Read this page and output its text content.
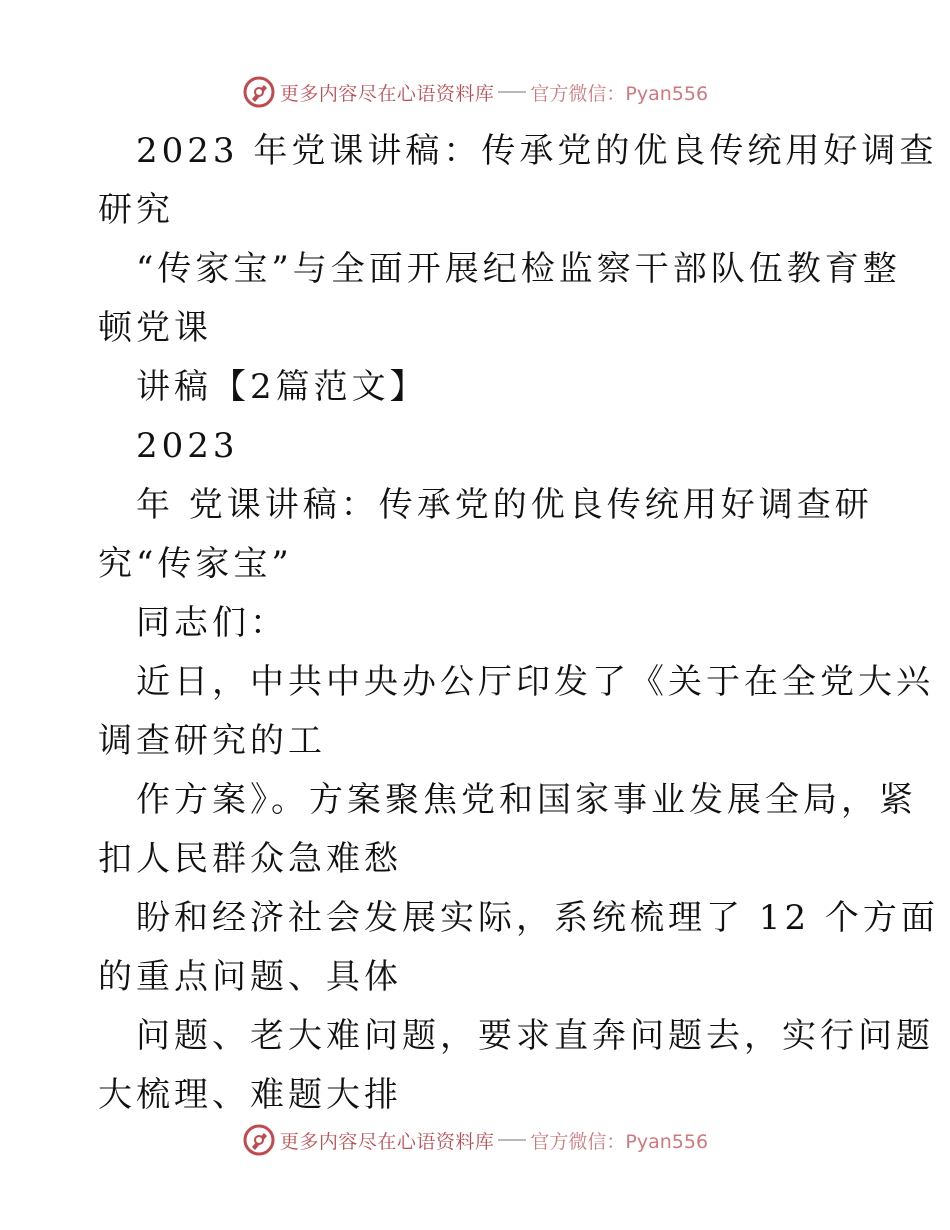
更多内容尽在心语资料库 官方微信：Pyan556
2023 年党课讲稿：传承党的优良传统用好调查
研究
“传家宝”与全面开展纪检监察干部队伍教育整
顿党课
讲稿【2篇范文】
2023
年 党课讲稿：传承党的优良传统用好调查研
究“传家宝”
同志们：
近日，中共中央办公厅印发了《关于在全党大兴
调查研究的工
作方案》。方案聚焦党和国家事业发展全局，紧
扣人民群众急难愁
盼和经济社会发展实际，系统梳理了 12 个方面
的重点问题、具体
问题、老大难问题，要求直奔问题去，实行问题
大梳理、难题大排
更多内容尽在心语资料库 官方微信：Pyan556
